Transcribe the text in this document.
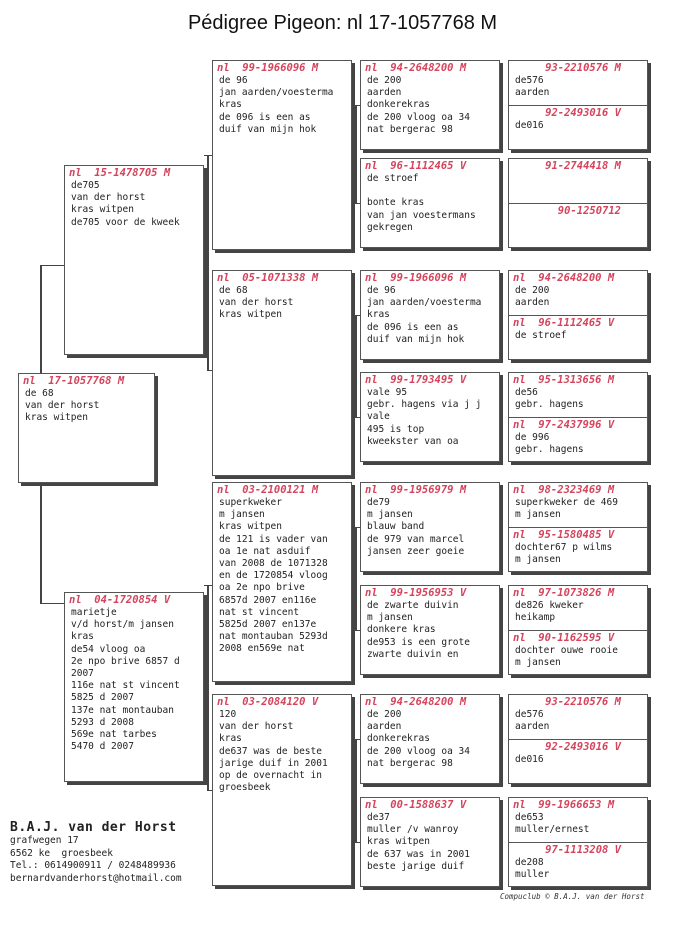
Pédigree Pigeon: nl 17-1057768 M
nl  17-1057768 M
de 68
van der horst
kras witpen
nl  15-1478705 M
de705
van der horst
kras witpen
de705 voor de kweek
nl  04-1720854 V
marietje
v/d horst/m jansen
kras
de54 vloog oa
2e npo brive 6857 d
2007
116e nat st vincent
5825 d 2007
137e nat montauban
5293 d 2008
569e nat tarbes
5470 d 2007
nl  99-1966096 M
de 96
jan aarden/voesterma
kras
de 096 is een as
duif van mijn hok
nl  05-1071338 M
de 68
van der horst
kras witpen
nl  03-2100121 M
superkweker
m jansen
kras witpen
de 121 is vader van
oa 1e nat asduif
van 2008 de 1071328
en de 1720854 vloog
oa 2e npo brive
6857d 2007 en116e
nat st vincent
5825d 2007 en137e
nat montauban 5293d
2008 en569e nat
nl  03-2084120 V
120
van der horst
kras
de637 was de beste
jarige duif in 2001
op de overnacht in
groesbeek
nl  94-2648200 M
de 200
aarden
donkerekras
de 200 vloog oa 34
nat bergerac 98
nl  96-1112465 V
de stroef

bonte kras
van jan voestermans
gekregen
nl  99-1966096 M
de 96
jan aarden/voesterma
kras
de 096 is een as
duif van mijn hok
nl  99-1793495 V
vale 95
gebr. hagens via j j
vale
495 is top
kweekster van oa
nl  99-1956979 M
de79
m jansen
blauw band
de 979 van marcel
jansen zeer goeie
nl  99-1956953 V
de zwarte duivin
m jansen
donkere kras
de953 is een grote
zwarte duivin en
nl  94-2648200 M
de 200
aarden
donkerekras
de 200 vloog oa 34
nat bergerac 98
nl  00-1588637 V
de37
muller /v wanroy
kras witpen
de 637 was in 2001
beste jarige duif
93-2210576 M
de576
aarden
92-2493016 V
de016
91-2744418 M
90-1250712
nl  94-2648200 M
de 200
aarden
nl  96-1112465 V
de stroef
nl  95-1313656 M
de56
gebr. hagens
nl  97-2437996 V
de 996
gebr. hagens
nl  98-2323469 M
superkweker de 469
m jansen
nl  95-1580485 V
dochter67 p wilms
m jansen
nl  97-1073826 M
de826 kweker
heikamp
nl  90-1162595 V
dochter ouwe rooie
m jansen
93-2210576 M
de576
aarden
92-2493016 V
de016
nl  99-1966653 M
de653
muller/ernest
97-1113208 V
de208
muller
B.A.J. van der Horst
grafwegen 17
6562 ke  groesbeek
Tel.: 0614900911 / 0248489936
bernardvanderhorst@hotmail.com
Compuclub © B.A.J. van der Horst
